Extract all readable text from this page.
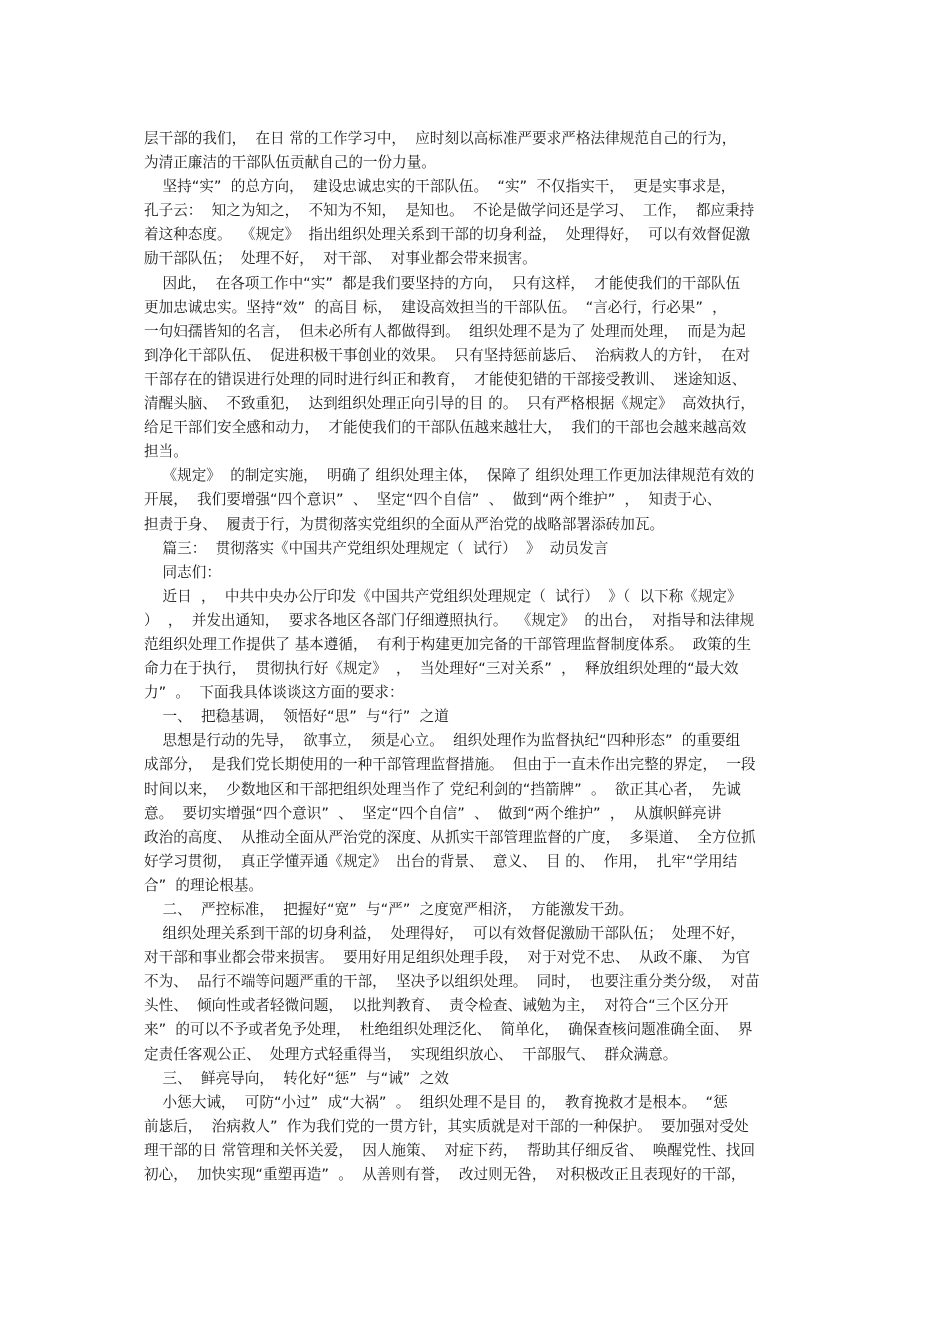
层干部的我们，  在日 常的工作学习中，  应时刻以高标准严要求严格法律规范自己的行为，
为清正廉洁的干部队伍贡献自己的一份力量。
坚持“实”  的总方向，  建设忠诚忠实的干部队伍。  “实”  不仅指实干，  更是实事求是，
孔子云：  知之为知之，  不知为不知，  是知也。  不论是做学问还是学习、  工作，  都应秉持
着这种态度。  《规定》  指出组织处理关系到干部的切身利益，  处理得好，  可以有效督促激
励干部队伍；  处理不好，  对干部、  对事业都会带来损害。
因此，  在各项工作中“实”  都是我们要坚持的方向，  只有这样，  才能使我们的干部队伍
更加忠诚忠实。坚持“效”  的高目 标，  建设高效担当的干部队伍。  “言必行，行必果”  ，
一句妇孺皆知的名言，  但未必所有人都做得到。  组织处理不是为了 处理而处理，  而是为起
到净化干部队伍、  促进积极干事创业的效果。  只有坚持惩前毖后、  治病救人的方针，  在对
干部存在的错误进行处理的同时进行纠正和教育，  才能使犯错的干部接受教训、  迷途知返、
清醒头脑、  不致重犯，  达到组织处理正向引导的目 的。  只有严格根据《规定》  高效执行，
给足干部们安全感和动力，  才能使我们的干部队伍越来越壮大，  我们的干部也会越来越高效
担当。
《规定》  的制定实施，  明确了 组织处理主体，  保障了 组织处理工作更加法律规范有效的
开展，  我们要增强“四个意识”  、  坚定“四个自信”  、  做到“两个维护”  ，  知责于心、
担责于身、  履责于行，为贯彻落实党组织的全面从严治党的战略部署添砖加瓦。
篇三：  贯彻落实《中国共产党组织处理规定（  试行）  》  动员发言
同志们：
近日  ，  中共中央办公厅印发《中国共产党组织处理规定（  试行）  》（  以下称《规定》
）  ，  并发出通知，  要求各地区各部门仔细遵照执行。  《规定》  的出台，  对指导和法律规
范组织处理工作提供了 基本遵循，  有利于构建更加完备的干部管理监督制度体系。  政策的生
命力在于执行，  贯彻执行好《规定》  ，  当处理好“三对关系”  ，  释放组织处理的“最大效
力”  。  下面我具体谈谈这方面的要求：
一、  把稳基调，  领悟好“思”  与“行”  之道
思想是行动的先导，  欲事立，  须是心立。  组织处理作为监督执纪“四种形态”  的重要组
成部分，  是我们党长期使用的一种干部管理监督措施。  但由于一直未作出完整的界定，  一段
时间以来，  少数地区和干部把组织处理当作了 党纪利剑的“挡箭牌”  。  欲正其心者，  先诚
意。  要切实增强“四个意识”  、  坚定“四个自信”  、  做到“两个维护”  ，  从旗帜鲜亮讲
政治的高度、  从推动全面从严治党的深度、从抓实干部管理监督的广度，  多渠道、  全方位抓
好学习贯彻，  真正学懂弄通《规定》  出台的背景、  意义、  目 的、  作用，  扎牢“学用结
合”  的理论根基。
二、  严控标准，  把握好“宽”  与“严”  之度宽严相济，  方能激发干劲。
组织处理关系到干部的切身利益，  处理得好，  可以有效督促激励干部队伍；  处理不好，
对干部和事业都会带来损害。  要用好用足组织处理手段，  对于对党不忠、  从政不廉、  为官
不为、  品行不端等问题严重的干部，  坚决予以组织处理。  同时，  也要注重分类分级，  对苗
头性、  倾向性或者轻微问题，  以批判教育、  责令检查、诫勉为主，  对符合“三个区分开
来”  的可以不予或者免予处理，  杜绝组织处理泛化、  简单化，  确保查核问题准确全面、  界
定责任客观公正、  处理方式轻重得当，  实现组织放心、  干部服气、  群众满意。
三、  鲜亮导向，  转化好“惩”  与“诫”  之效
小惩大诫，  可防“小过”  成“大祸”  。  组织处理不是目 的，  教育挽救才是根本。  “惩
前毖后，  治病救人”  作为我们党的一贯方针，其实质就是对干部的一种保护。  要加强对受处
理干部的日 常管理和关怀关爱，  因人施策、  对症下药，  帮助其仔细反省、  唤醒党性、找回
初心，  加快实现“重塑再造”  。  从善则有誉，  改过则无咎，  对积极改正且表现好的干部，
